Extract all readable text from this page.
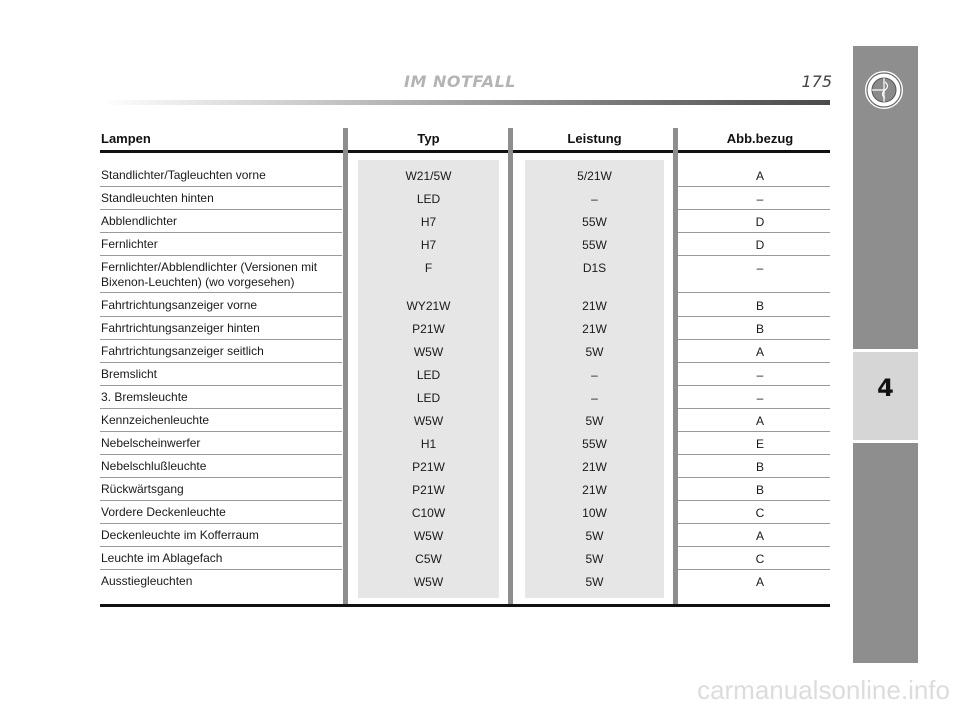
IM NOTFALL	175
4
Lampen	Typ	Leistung	Abb.bezug
Standlichter/Tagleuchten vorne	W21/5W	5/21W	A
Standleuchten hinten	LED	–	–
Abblendlichter	H7	55W	D
Fernlichter	H7	55W	D
Fernlichter/Abblendlichter (Versionen mit
Bixenon-Leuchten) (wo vorgesehen)
F	D1S	–
Fahrtrichtungsanzeiger vorne	WY21W	21W	B
Fahrtrichtungsanzeiger hinten	P21W	21W	B
Fahrtrichtungsanzeiger seitlich	W5W	5W	A
Bremslicht	LED	–	–
3. Bremsleuchte	LED	–	–
Kennzeichenleuchte	W5W	5W	A
Nebelscheinwerfer	H1	55W	E
Nebelschlußleuchte	P21W	21W	B
Rückwärtsgang	P21W	21W	B
Vordere Deckenleuchte	C10W	10W	C
Deckenleuchte im Kofferraum	W5W	5W	A
Leuchte im Ablagefach	C5W	5W	C
Ausstiegleuchten	W5W	5W	A
carmanualsonline.info
